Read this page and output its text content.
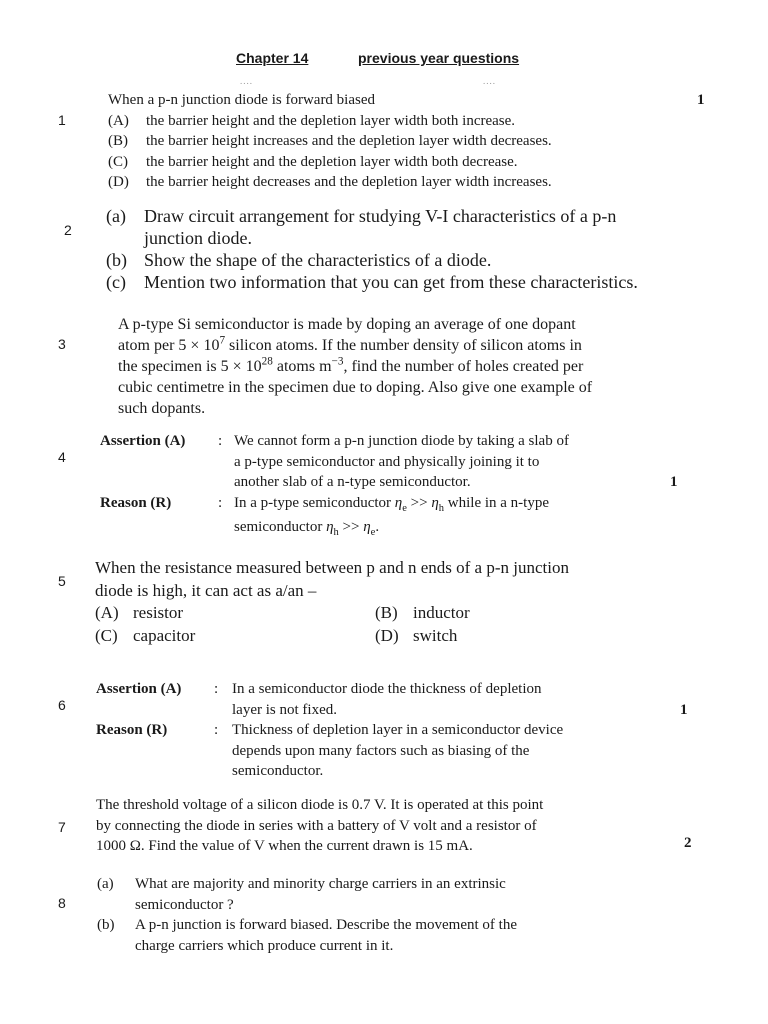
Chapter 14	previous year questions
....	....
1
1
When a p-n junction diode is forward biased
(A) the barrier height and the depletion layer width both increase.
(B) the barrier height increases and the depletion layer width decreases.
(C) the barrier height and the depletion layer width both decrease.
(D) the barrier height decreases and the depletion layer width increases.
2
(a) Draw circuit arrangement for studying V-I characteristics of a p-n
junction diode.
(b) Show the shape of the characteristics of a diode.
(c) Mention two information that you can get from these characteristics.
3
A p-type Si semiconductor is made by doping an average of one dopant
atom per $5 \times 10^7$ silicon atoms. If the number density of silicon atoms in
the specimen is $5 \times 10^{28}$ atoms $m^{-3}$, find the number of holes created per
cubic centimetre in the specimen due to doping. Also give one example of
such dopants.
4
1
Assertion (A) : We cannot form a p-n junction diode by taking a slab of
a p-type semiconductor and physically joining it to
another slab of a n-type semiconductor.
Reason (R)	: In a p-type semiconductor $\eta_e >> \eta_h$ while in a n-type
semiconductor $\eta_h >> \eta_e$.
5
When the resistance measured between p and n ends of a p-n junction
diode is high, it can act as a/an –
(A) resistor	(B) inductor
(C) capacitor	(D) switch
6	1
Assertion (A) : In a semiconductor diode the thickness of depletion
layer is not fixed.
Reason (R)	: Thickness of depletion layer in a semiconductor device
depends upon many factors such as biasing of the
semiconductor.
7
2
The threshold voltage of a silicon diode is 0.7 V. It is operated at this point
by connecting the diode in series with a battery of V volt and a resistor of
1000 Ω. Find the value of V when the current drawn is 15 mA.
8
(a) What are majority and minority charge carriers in an extrinsic
semiconductor ?
(b) A p-n junction is forward biased. Describe the movement of the
charge carriers which produce current in it.
